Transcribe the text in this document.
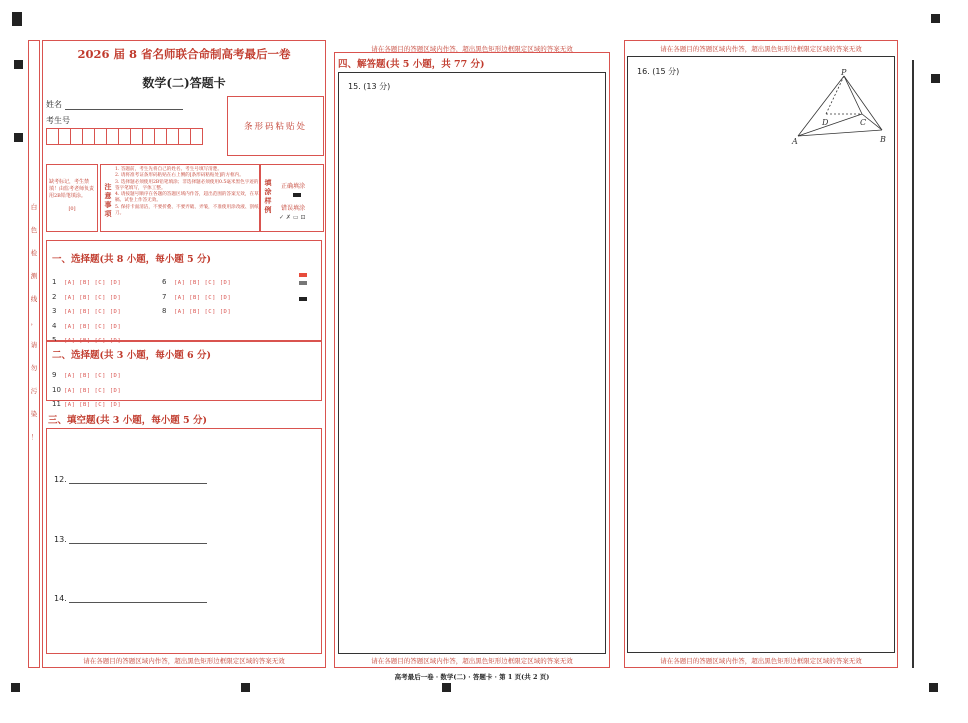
白
色
检
测
线
，
请
勿
污
染
！
2026 届 8 省名师联合命制高考最后一卷
数学(二)答题卡
姓名
考生号
条形码粘贴处
缺考标记，考生禁填！由监考老师负责用2B铅笔填涂。
[0]	注意事项
1. 答题前，考生先将自己的姓名、考生号填写清楚。
2. 请将准考证条形码粘贴在右上侧的[条形码粘贴处]的方框内。
3. 选择题必须使用2B铅笔填涂；非选择题必须使用0.5毫米黑色字迹的签字笔填写，字体工整。
4. 请按题号顺序在各题的答题区域内作答，超出范围的答案无效，在草稿、试卷上作答无效。
5. 保持卡面清洁，不要折叠、不要弄破、弄皱，不准使用涂改液、刮纸刀。	填涂样例 正确填涂
错误填涂
✓ ✗ ▭ ⊡
一、选择题(共 8 小题，每小题 5 分)
1 [A] [B] [C] [D]
2 [A] [B] [C] [D]
3 [A] [B] [C] [D]
4 [A] [B] [C] [D]
5 [A] [B] [C] [D]
6 [A] [B] [C] [D]
7 [A] [B] [C] [D]
8 [A] [B] [C] [D]
二、选择题(共 3 小题，每小题 6 分)
9 [A] [B] [C] [D]
10 [A] [B] [C] [D]
11 [A] [B] [C] [D]
三、填空题(共 3 小题，每小题 5 分)
12.
13.
14.
请在各题目的答题区域内作答，超出黑色矩形边框限定区域的答案无效
请在各题目的答题区域内作答，超出黑色矩形边框限定区域的答案无效
四、解答题(共 5 小题，共 77 分)
15. (13 分)
请在各题目的答题区域内作答，超出黑色矩形边框限定区域的答案无效
请在各题目的答题区域内作答，超出黑色矩形边框限定区域的答案无效
16. (15 分)	P
A	B
C
D
请在各题目的答题区域内作答，超出黑色矩形边框限定区域的答案无效
高考最后一卷 · 数学(二) · 答题卡 · 第 1 页(共 2 页)
